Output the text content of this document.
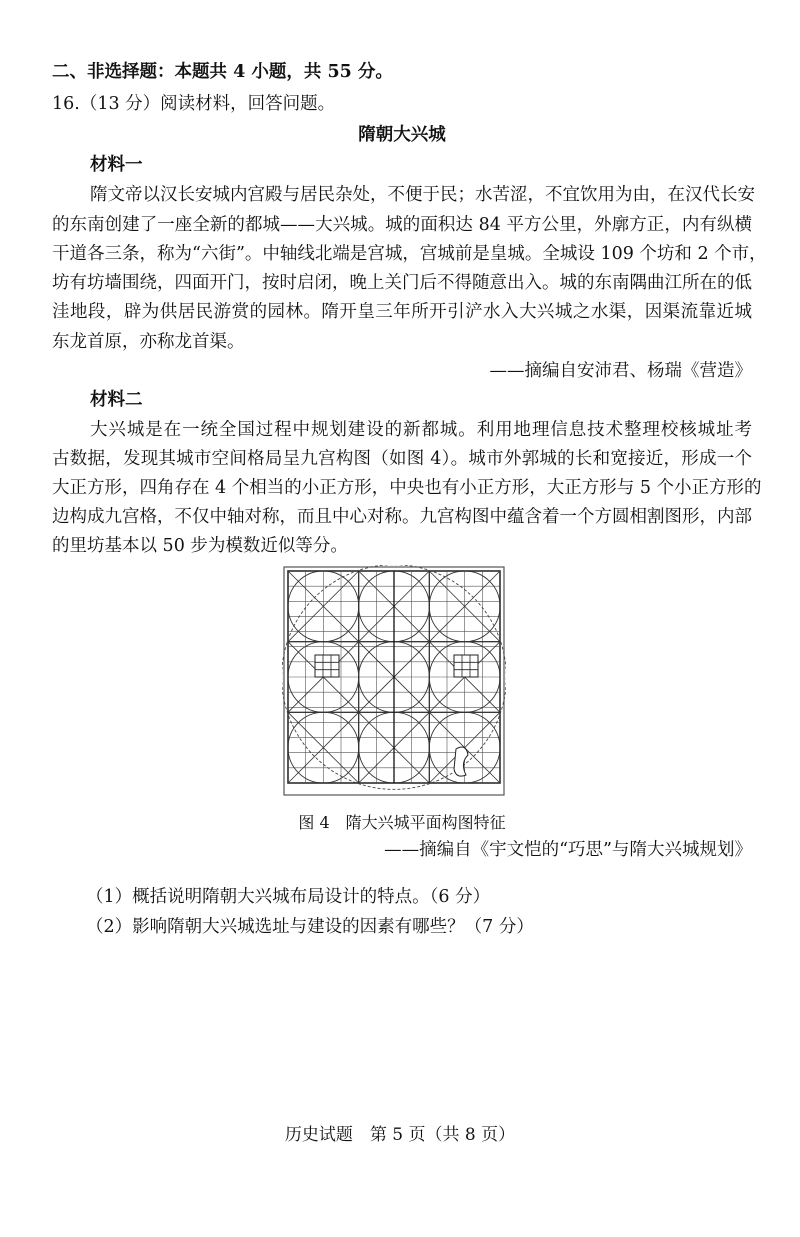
二、非选择题：本题共 4 小题，共 55 分。
16.（13 分）阅读材料，回答问题。
隋朝大兴城
材料一
隋文帝以汉长安城内宫殿与居民杂处，不便于民；水苦涩，不宜饮用为由，在汉代长安
的东南创建了一座全新的都城——大兴城。城的面积达 84 平方公里，外廓方正，内有纵横
干道各三条，称为“六街”。中轴线北端是宫城，宫城前是皇城。全城设 109 个坊和 2 个市，
坊有坊墙围绕，四面开门，按时启闭，晚上关门后不得随意出入。城的东南隅曲江所在的低
洼地段，辟为供居民游赏的园林。隋开皇三年所开引浐水入大兴城之水渠，因渠流靠近城
东龙首原，亦称龙首渠。
——摘编自安沛君、杨瑞《营造》
材料二
大兴城是在一统全国过程中规划建设的新都城。利用地理信息技术整理校核城址考
古数据，发现其城市空间格局呈九宫构图（如图 4）。城市外郭城的长和宽接近，形成一个
大正方形，四角存在 4 个相当的小正方形，中央也有小正方形，大正方形与 5 个小正方形的
边构成九宫格，不仅中轴对称，而且中心对称。九宫构图中蕴含着一个方圆相割图形，内部
的里坊基本以 50 步为模数近似等分。
图 4　隋大兴城平面构图特征
——摘编自《宇文恺的“巧思”与隋大兴城规划》
（1）概括说明隋朝大兴城布局设计的特点。（6 分）
（2）影响隋朝大兴城选址与建设的因素有哪些？（7 分）
历史试题　第 5 页（共 8 页）
